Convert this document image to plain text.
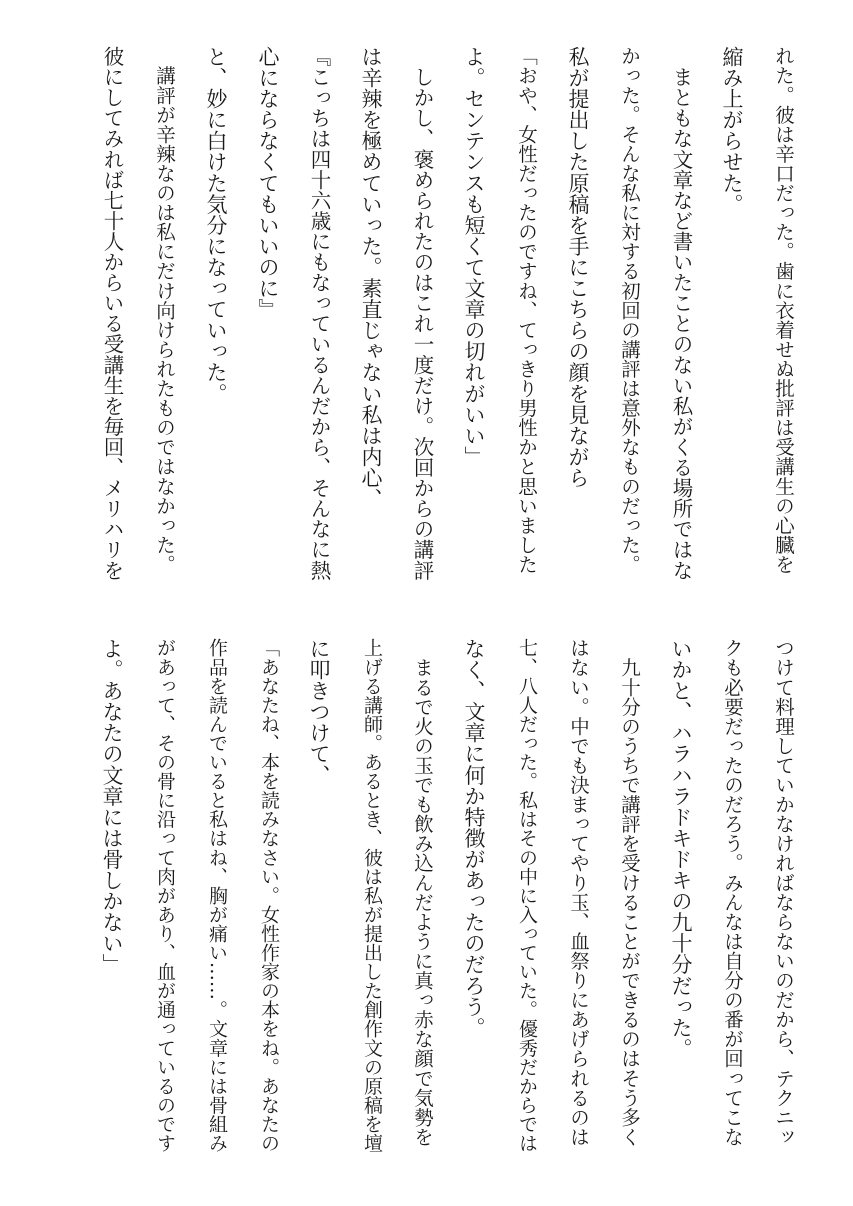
れた。彼は辛口だった。歯に衣着せぬ批評は受講生の心臓を
縮み上がらせた。
　まともな文章など書いたことのない私がくる場所ではな
かった。そんな私に対する初回の講評は意外なものだった。
私が提出した原稿を手にこちらの顔を見ながら
「おや、女性だったのですね、てっきり男性かと思いました
よ。センテンスも短くて文章の切れがいい」
　しかし、褒められたのはこれ一度だけ。次回からの講評
は辛辣を極めていった。素直じゃない私は内心、
『こっちは四十六歳にもなっているんだから、そんなに熱
心にならなくてもいいのに』
と、妙に白けた気分になっていった。
　講評が辛辣なのは私にだけ向けられたものではなかった。
彼にしてみれば七十人からいる受講生を毎回、メリハリを
つけて料理していかなければならないのだから、テクニッ
クも必要だったのだろう。みんなは自分の番が回ってこな
いかと、ハラハラドキドキの九十分だった。
　九十分のうちで講評を受けることができるのはそう多く
はない。中でも決まってやり玉、血祭りにあげられるのは
七、八人だった。私はその中に入っていた。優秀だからでは
なく、文章に何か特徴があったのだろう。
　まるで火の玉でも飲み込んだように真っ赤な顔で気勢を
上げる講師。あるとき、彼は私が提出した創作文の原稿を壇
に叩きつけて、
「あなたね、本を読みなさい。女性作家の本をね。あなたの
作品を読んでいると私はね、胸が痛い……。文章には骨組み
があって、その骨に沿って肉があり、血が通っているのです
よ。あなたの文章には骨しかない」
